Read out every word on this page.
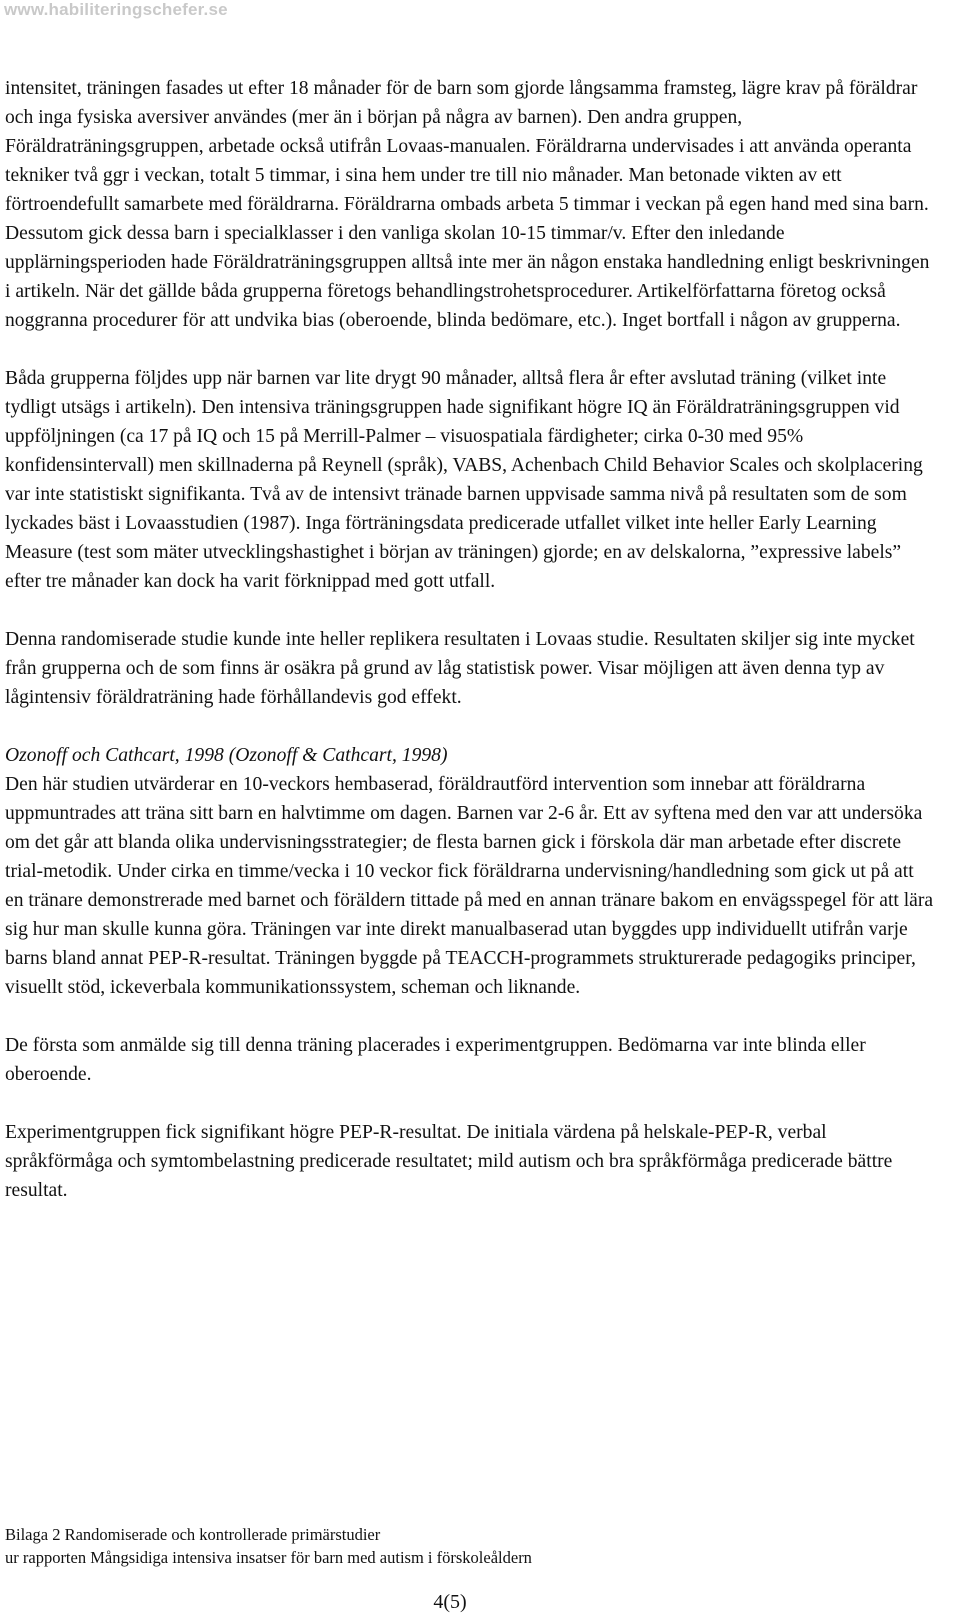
www.habiliteringschefer.se

intensitet, träningen fasades ut efter 18 månader för de barn som gjorde långsamma framsteg, lägre krav på föräldrar och inga fysiska aversiver användes (mer än i början på några av barnen). Den andra gruppen, Föräldraträningsgruppen, arbetade också utifrån Lovaas-manualen. Föräldrarna undervisades i att använda operanta tekniker två ggr i veckan, totalt 5 timmar, i sina hem under tre till nio månader. Man betonade vikten av ett förtroendefullt samarbete med föräldrarna. Föräldrarna ombads arbeta 5 timmar i veckan på egen hand med sina barn. Dessutom gick dessa barn i specialklasser i den vanliga skolan 10-15 timmar/v. Efter den inledande upplärningsperioden hade Föräldraträningsgruppen alltså inte mer än någon enstaka handledning enligt beskrivningen i artikeln. När det gällde båda grupperna företogs behandlingstrohetsprocedurer. Artikelförfattarna företog också noggranna procedurer för att undvika bias (oberoende, blinda bedömare, etc.). Inget bortfall i någon av grupperna.

Båda grupperna följdes upp när barnen var lite drygt 90 månader, alltså flera år efter avslutad träning (vilket inte tydligt utsägs i artikeln). Den intensiva träningsgruppen hade signifikant högre IQ än Föräldraträningsgruppen vid uppföljningen (ca 17 på IQ och 15 på Merrill-Palmer – visuospatiala färdigheter; cirka 0-30 med 95% konfidensintervall) men skillnaderna på Reynell (språk), VABS, Achenbach Child Behavior Scales och skolplacering var inte statistiskt signifikanta. Två av de intensivt tränade barnen uppvisade samma nivå på resultaten som de som lyckades bäst i Lovaasstudien (1987). Inga förträningsdata predicerade utfallet vilket inte heller Early Learning Measure (test som mäter utvecklingshastighet i början av träningen) gjorde; en av delskalorna, ”expressive labels” efter tre månader kan dock ha varit förknippad med gott utfall.

Denna randomiserade studie kunde inte heller replikera resultaten i Lovaas studie. Resultaten skiljer sig inte mycket från grupperna och de som finns är osäkra på grund av låg statistisk power. Visar möjligen att även denna typ av lågintensiv föräldraträning hade förhållandevis god effekt.

Ozonoff och Cathcart, 1998 (Ozonoff & Cathcart, 1998)

Den här studien utvärderar en 10-veckors hembaserad, föräldrautförd intervention som innebar att föräldrarna uppmuntrades att träna sitt barn en halvtimme om dagen. Barnen var 2-6 år. Ett av syftena med den var att undersöka om det går att blanda olika undervisningsstrategier; de flesta barnen gick i förskola där man arbetade efter discrete trial-metodik. Under cirka en timme/vecka i 10 veckor fick föräldrarna undervisning/handledning som gick ut på att en tränare demonstrerade med barnet och föräldern tittade på med en annan tränare bakom en envägsspegel för att lära sig hur man skulle kunna göra. Träningen var inte direkt manualbaserad utan byggdes upp individuellt utifrån varje barns bland annat PEP-R-resultat. Träningen byggde på TEACCH-programmets strukturerade pedagogiks principer, visuellt stöd, ickeverbala kommunikationssystem, scheman och liknande.

De första som anmälde sig till denna träning placerades i experimentgruppen. Bedömarna var inte blinda eller oberoende.

Experimentgruppen fick signifikant högre PEP-R-resultat. De initiala värdena på helskale-PEP-R, verbal språkförmåga och symtombelastning predicerade resultatet; mild autism och bra språkförmåga predicerade bättre resultat.

Bilaga 2 Randomiserade och kontrollerade primärstudier
ur rapporten Mångsidiga intensiva insatser för barn med autism i förskoleåldern
4(5)
